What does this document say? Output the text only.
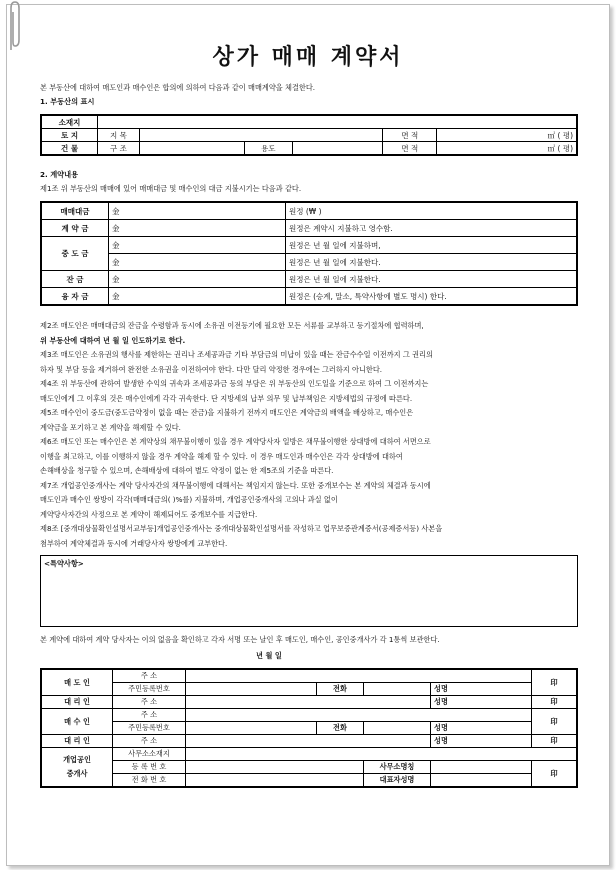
상가 매매 계약서
본 부동산에 대하여 매도인과 매수인은 합의에 의하여 다음과 같이 매매계약을 체결한다.
1. 부동산의 표시
소재지						
토 지	지 목				면 적	㎡ ( 평)
건 물	구 조		용도		면 적	㎡ ( 평)
2. 계약내용
제1조 위 부동산의 매매에 있어 매매대금 및 매수인의 대금 지불시기는 다음과 같다.
매매대금	金	원정 (₩ )
계 약 금	金	원정은 계약시 지불하고 영수함.
중 도 금	金	원정은 년 월 일에 지불하며,
	金	원정은 년 월 일에 지불한다.
잔 금	金	원정은 년 월 일에 지불한다.
융 자 금	金	원정은 (승계, 말소, 특약사항에 별도 명시) 한다.
제2조 매도인은 매매대금의 잔금을 수령함과 동시에 소유권 이전등기에 필요한 모든 서류를 교부하고 등기절차에 협력하며,
위 부동산에 대하여 년 월 일 인도하기로 한다.
제3조 매도인은 소유권의 행사를 제한하는 권리나 조세공과금 기타 부담금의 미납이 있을 때는 잔금수수일 이전까지 그 권리의
하자 및 부담 등을 제거하여 완전한 소유권을 이전하여야 한다. 다만 달리 약정한 경우에는 그러하지 아니한다.
제4조 위 부동산에 관하여 발생한 수익의 귀속과 조세공과금 등의 부담은 위 부동산의 인도일을 기준으로 하여 그 이전까지는
매도인에게 그 이후의 것은 매수인에게 각각 귀속한다. 단 지방세의 납부 의무 및 납부책임은 지방세법의 규정에 따른다.
제5조 매수인이 중도금(중도금약정이 없을 때는 잔금)을 지불하기 전까지 매도인은 계약금의 배액을 배상하고, 매수인은
계약금을 포기하고 본 계약을 해제할 수 있다.
제6조 매도인 또는 매수인은 본 계약상의 채무불이행이 있을 경우 계약당사자 일방은 채무불이행한 상대방에 대하여 서면으로
이행을 최고하고, 이를 이행하지 않을 경우 계약을 해제 할 수 있다. 이 경우 매도인과 매수인은 각각 상대방에 대하여
손해배상을 청구할 수 있으며, 손해배상에 대하여 별도 약정이 없는 한 제5조의 기준을 따른다.
제7조 개업공인중개사는 계약 당사자간의 채무불이행에 대해서는 책임지지 않는다. 또한 중개보수는 본 계약의 체결과 동시에
매도인과 매수인 쌍방이 각각(매매대금의( )%를) 지불하며, 개업공인중개사의 고의나 과실 없이
계약당사자간의 사정으로 본 계약이 해제되어도 중개보수를 지급한다.
제8조 [중개대상물확인설명서교부등]개업공인중개사는 중개대상물확인설명서를 작성하고 업무보증관계증서(공제증서등) 사본을
첨부하여 계약체결과 동시에 거래당사자 쌍방에게 교부한다.
<특약사항>
본 계약에 대하여 계약 당사자는 이의 없음을 확인하고 각자 서명 또는 날인 후 매도인, 매수인, 공인중개사가 각 1통씩 보관한다.
년 월 일
매 도 인	주 소					印
	주민등록번호		전화		성명	
대 리 인	주 소				성명	印
매 수 인	주 소					印
	주민등록번호		전화		성명	
대 리 인	주 소				성명	印
개업공인
중개사	사무소소재지					
	등 록 번 호			사무소명칭		印
	전 화 번 호			대표자성명		
